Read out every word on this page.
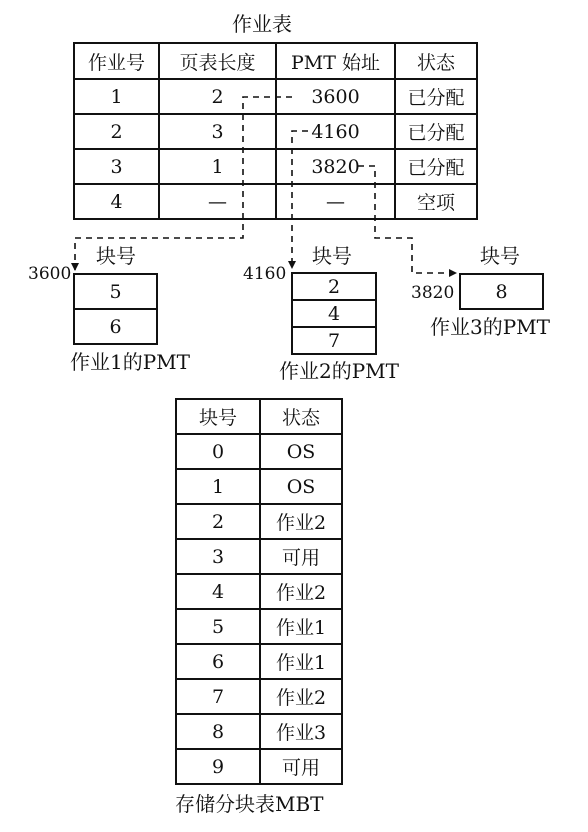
作业表
作业号	页表长度	PMT 始址	状态
1	2	3600	已分配
2	3	4160	已分配
3	1	3820	已分配
4	—	—	空项
块号
3600
5
6
作业1的PMT
块号
4160
2
4
7
作业2的PMT
块号
3820 8
作业3的PMT
块号	状态
0	OS
1	OS
2	作业2
3	可用
4	作业2
5	作业1
6	作业1
7	作业2
8	作业3
9	可用
存储分块表MBT
